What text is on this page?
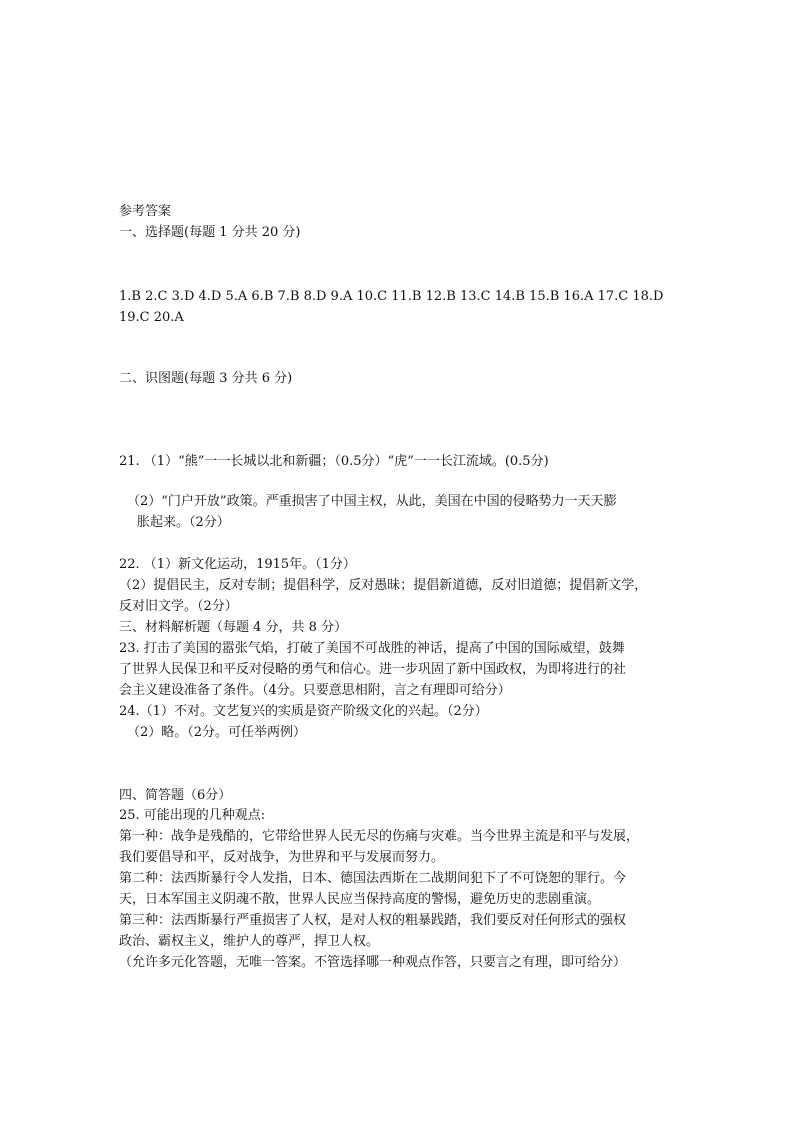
参考答案
一、选择题(每题 1 分共 20 分)
1.B 2.C 3.D 4.D 5.A 6.B 7.B 8.D 9.A 10.C 11.B 12.B 13.C 14.B 15.B 16.A 17.C 18.D
19.C 20.A
二、识图题(每题 3 分共 6 分)
21. （1）“熊”一一长城以北和新疆；（0.5分）“虎”一一长江流域。(0.5分)
（2）“门户开放”政策。严重损害了中国主权，从此，美国在中国的侵略势力一天天膨
胀起来。（2分）
22. （1）新文化运动，1915年。（1分）
（2）提倡民主，反对专制；提倡科学，反对愚昧；提倡新道德，反对旧道德；提倡新文学，
反对旧文学。（2分）
三、材料解析题（每题 4 分，共 8 分）
23. 打击了美国的嚣张气焰，打破了美国不可战胜的神话，提高了中国的国际威望，鼓舞
了世界人民保卫和平反对侵略的勇气和信心。进一步巩固了新中国政权，为即将进行的社
会主义建设准备了条件。（4分。只要意思相附，言之有理即可给分）
24.（1）不对。文艺复兴的实质是资产阶级文化的兴起。（2分）
（2）略。（2分。可任举两例）
四、简答题（6分）
25. 可能出现的几种观点:
第一种：战争是残酷的，它带给世界人民无尽的伤痛与灾难。当今世界主流是和平与发展，
我们要倡导和平，反对战争，为世界和平与发展而努力。
第二种：法西斯暴行令人发指，日本、德国法西斯在二战期间犯下了不可饶恕的罪行。今
天，日本军国主义阴魂不散，世界人民应当保持高度的警惕，避免历史的悲剧重演。
第三种：法西斯暴行严重损害了人权，是对人权的粗暴践踏，我们要反对任何形式的强权
政治、霸权主义，维护人的尊严，捍卫人权。
（允许多元化答题，无唯一答案。不管选择哪一种观点作答，只要言之有理，即可给分）
